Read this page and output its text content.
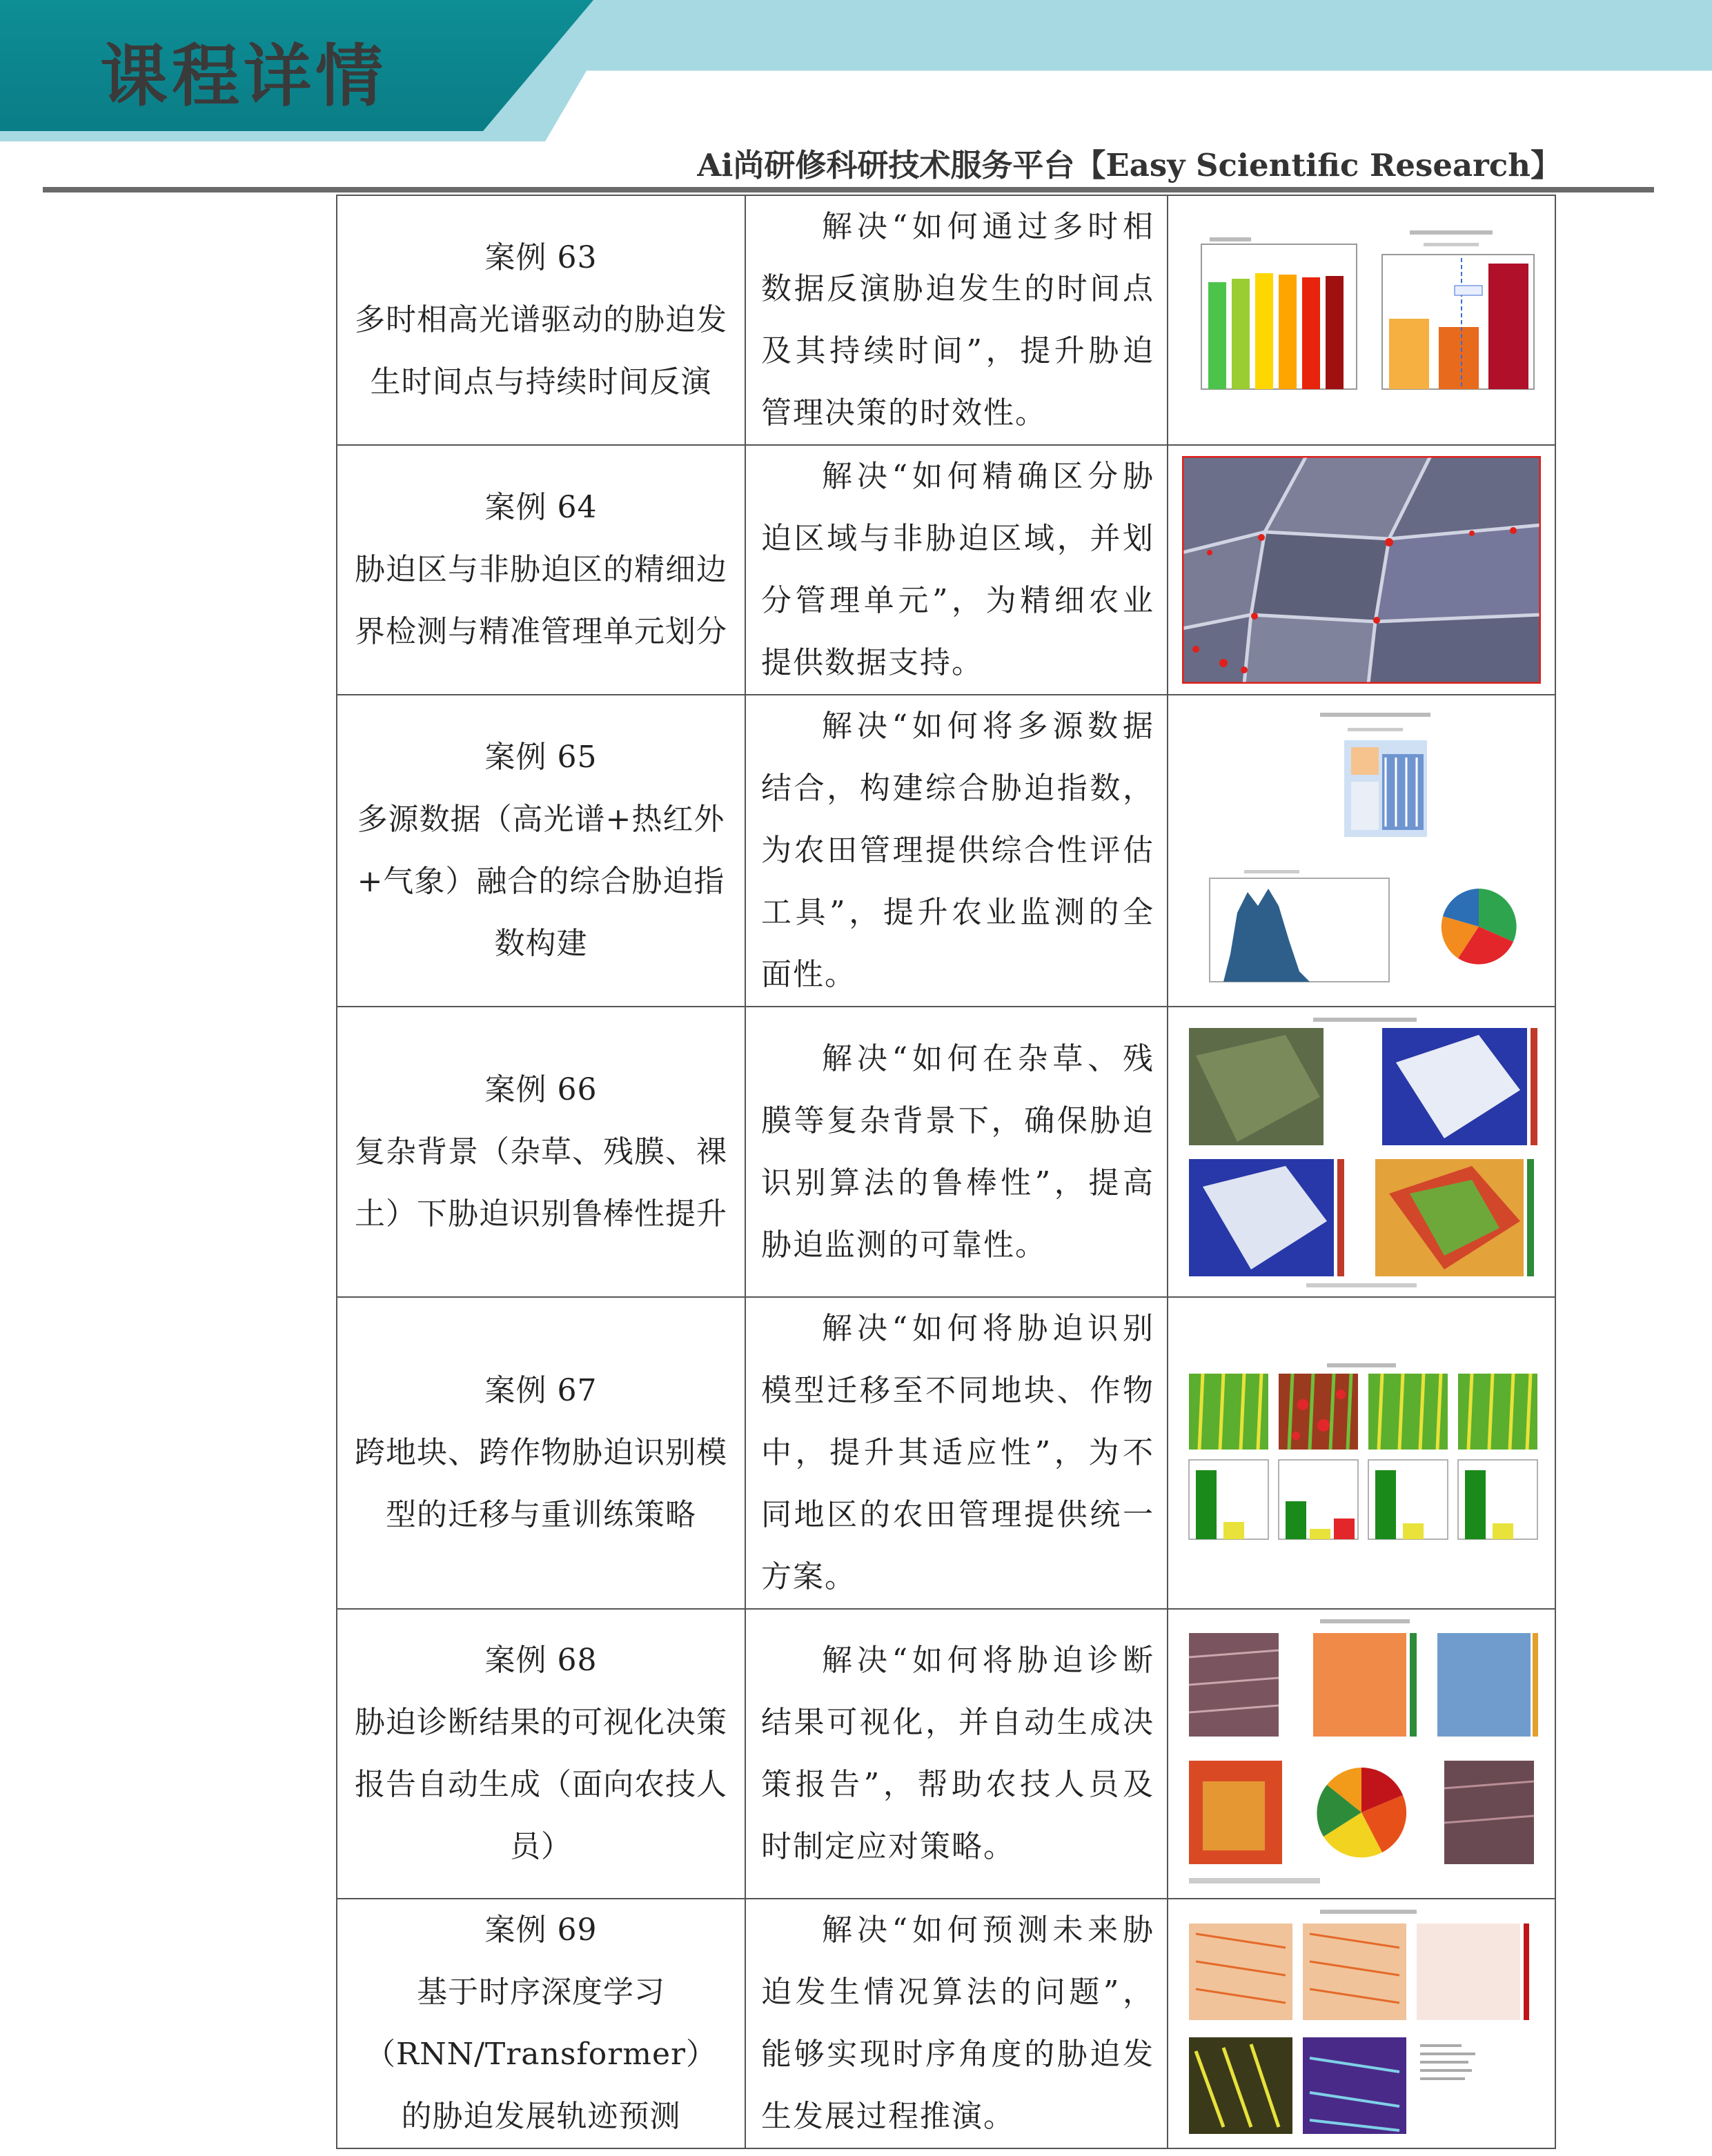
课程详情
Ai尚研修科研技术服务平台【Easy Scientific Research】
案例 63
多时相高光谱驱动的胁迫发生时间点与持续时间反演	解决“如何通过多时相数据反演胁迫发生的时间点及其持续时间”，提升胁迫管理决策的时效性。

案例 64
胁迫区与非胁迫区的精细边界检测与精准管理单元划分	解决“如何精确区分胁迫区域与非胁迫区域，并划分管理单元”，为精细农业提供数据支持。

案例 65
多源数据（高光谱+热红外+气象）融合的综合胁迫指数构建	解决“如何将多源数据结合，构建综合胁迫指数，为农田管理提供综合性评估工具”，提升农业监测的全面性。

案例 66
复杂背景（杂草、残膜、裸土）下胁迫识别鲁棒性提升	解决“如何在杂草、残膜等复杂背景下，确保胁迫识别算法的鲁棒性”，提高胁迫监测的可靠性。

案例 67
跨地块、跨作物胁迫识别模型的迁移与重训练策略	解决“如何将胁迫识别模型迁移至不同地块、作物中，提升其适应性”，为不同地区的农田管理提供统一方案。

案例 68
胁迫诊断结果的可视化决策报告自动生成（面向农技人员）	解决“如何将胁迫诊断结果可视化，并自动生成决策报告”，帮助农技人员及时制定应对策略。

案例 69
基于时序深度学习（RNN/Transformer）的胁迫发展轨迹预测	解决“如何预测未来胁迫发生情况算法的问题”，能够实现时序角度的胁迫发生发展过程推演。
